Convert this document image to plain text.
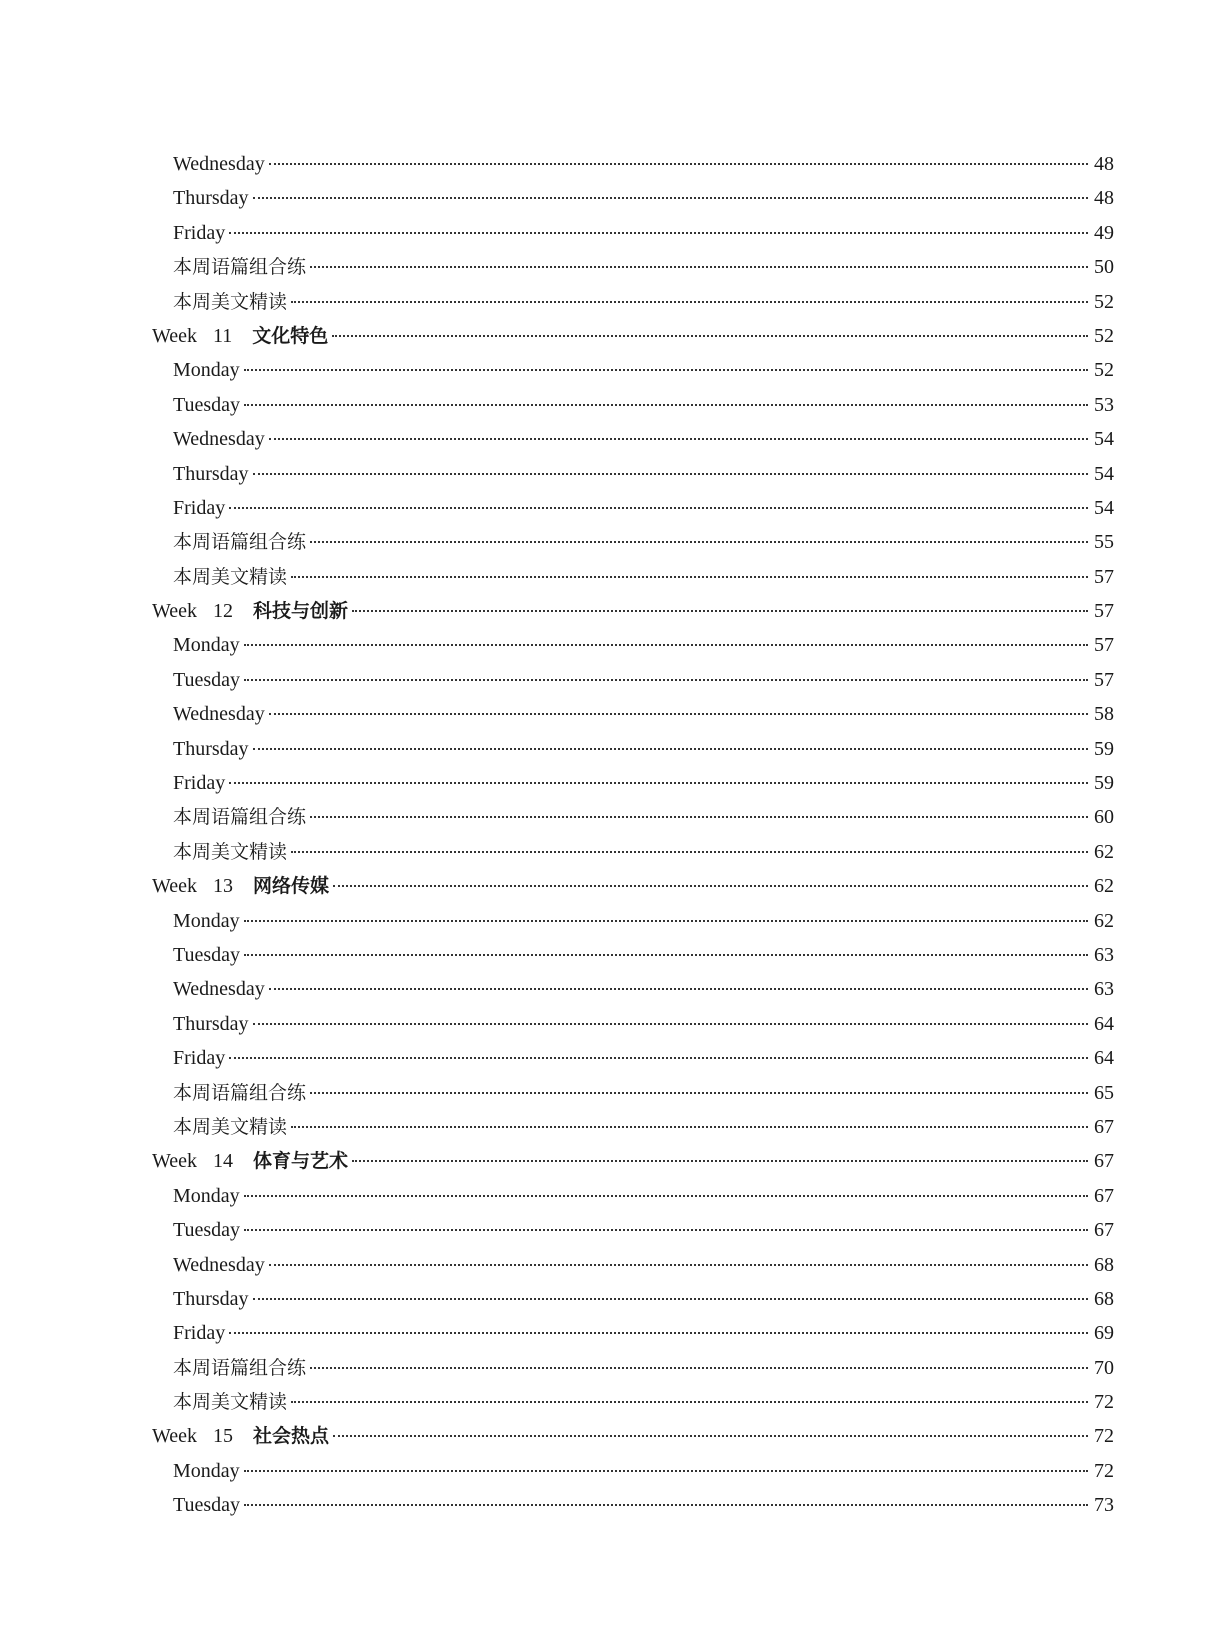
Wednesday	48
Thursday	48
Friday	49
本周语篇组合练	50
本周美文精读	52
Week 11 文化特色	52
Monday	52
Tuesday	53
Wednesday	54
Thursday	54
Friday	54
本周语篇组合练	55
本周美文精读	57
Week 12 科技与创新	57
Monday	57
Tuesday	57
Wednesday	58
Thursday	59
Friday	59
本周语篇组合练	60
本周美文精读	62
Week 13 网络传媒	62
Monday	62
Tuesday	63
Wednesday	63
Thursday	64
Friday	64
本周语篇组合练	65
本周美文精读	67
Week 14 体育与艺术	67
Monday	67
Tuesday	67
Wednesday	68
Thursday	68
Friday	69
本周语篇组合练	70
本周美文精读	72
Week 15 社会热点	72
Monday	72
Tuesday	73
